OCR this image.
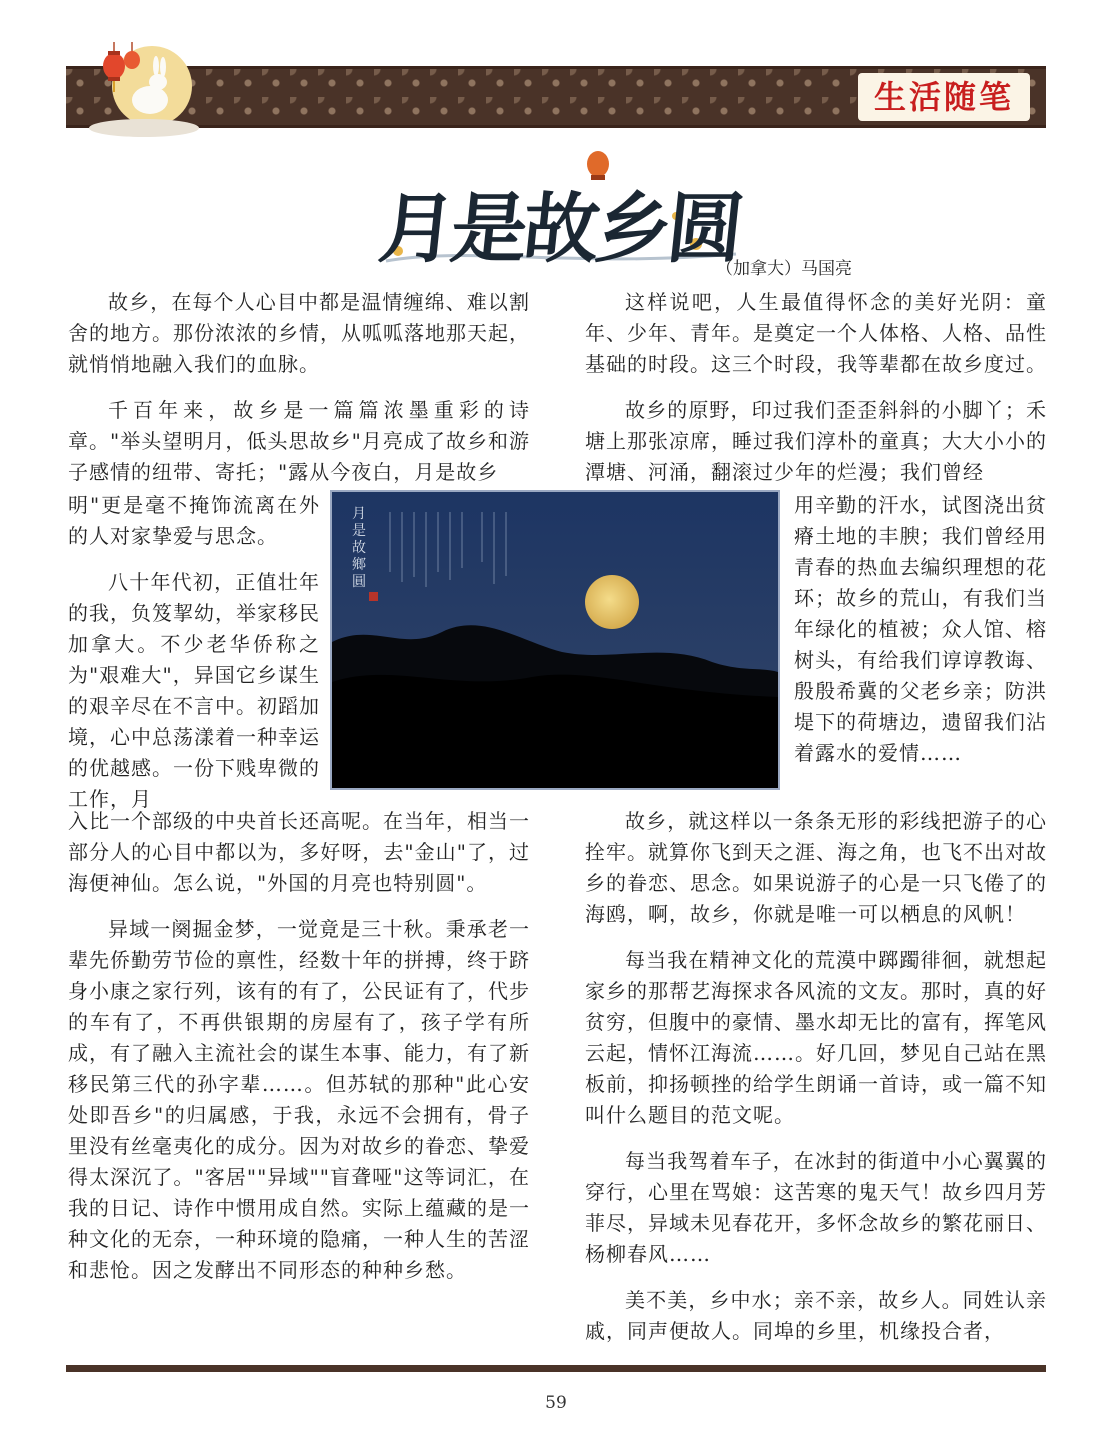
生活随笔
月是故乡圆
（加拿大）马国亮

故乡，在每个人心目中都是温情缠绵、难以割舍的地方。那份浓浓的乡情，从呱呱落地那天起，就悄悄地融入我们的血脉。

千百年来，故乡是一篇篇浓墨重彩的诗章。"举头望明月，低头思故乡"月亮成了故乡和游子感情的纽带、寄托；"露从今夜白，月是故乡

明"更是毫不掩饰流离在外的人对家挚爱与思念。

八十年代初，正值壮年的我，负笈挈幼，举家移民加拿大。不少老华侨称之为"艰难大"，异国它乡谋生的艰辛尽在不言中。初蹈加境，心中总荡漾着一种幸运的优越感。一份下贱卑微的工作，月

入比一个部级的中央首长还高呢。在当年，相当一部分人的心目中都以为，多好呀，去"金山"了，过海便神仙。怎么说，"外国的月亮也特别圆"。

异域一阕掘金梦，一觉竟是三十秋。秉承老一辈先侨勤劳节俭的禀性，经数十年的拼搏，终于跻身小康之家行列，该有的有了，公民证有了，代步的车有了，不再供银期的房屋有了，孩子学有所成，有了融入主流社会的谋生本事、能力，有了新移民第三代的孙字辈……。但苏轼的那种"此心安处即吾乡"的归属感，于我，永远不会拥有，骨子里没有丝毫夷化的成分。因为对故乡的眷恋、挚爱得太深沉了。"客居""异域""盲聋哑"这等词汇，在我的日记、诗作中惯用成自然。实际上蕴藏的是一种文化的无奈，一种环境的隐痛，一种人生的苦涩和悲怆。因之发酵出不同形态的种种乡愁。

月是故鄉圓

这样说吧，人生最值得怀念的美好光阴：童年、少年、青年。是奠定一个人体格、人格、品性基础的时段。这三个时段，我等辈都在故乡度过。

故乡的原野，印过我们歪歪斜斜的小脚丫；禾塘上那张凉席，睡过我们淳朴的童真；大大小小的潭塘、河涌，翻滚过少年的烂漫；我们曾经

用辛勤的汗水，试图浇出贫瘠土地的丰腴；我们曾经用青春的热血去编织理想的花环；故乡的荒山，有我们当年绿化的植被；众人馆、榕树头，有给我们谆谆教诲、殷殷希冀的父老乡亲；防洪堤下的荷塘边，遗留我们沾着露水的爱情……

故乡，就这样以一条条无形的彩线把游子的心拴牢。就算你飞到天之涯、海之角，也飞不出对故乡的眷恋、思念。如果说游子的心是一只飞倦了的海鸥，啊，故乡，你就是唯一可以栖息的风帆！

每当我在精神文化的荒漠中踯躅徘徊，就想起家乡的那帮艺海探求各风流的文友。那时，真的好贫穷，但腹中的豪情、墨水却无比的富有，挥笔风云起，情怀江海流……。好几回，梦见自己站在黑板前，抑扬顿挫的给学生朗诵一首诗，或一篇不知叫什么题目的范文呢。

每当我驾着车子，在冰封的街道中小心翼翼的穿行，心里在骂娘：这苦寒的鬼天气！故乡四月芳菲尽，异域未见春花开，多怀念故乡的繁花丽日、杨柳春风……

美不美，乡中水；亲不亲，故乡人。同姓认亲戚，同声便故人。同埠的乡里，机缘投合者，

59
